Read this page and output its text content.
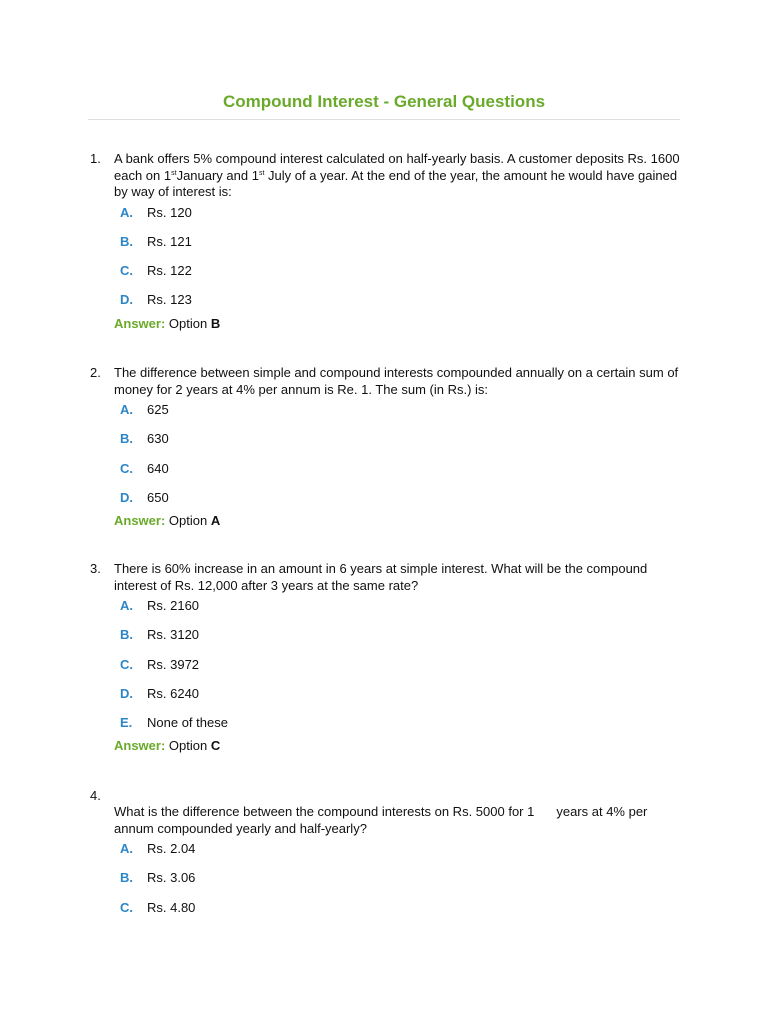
Compound Interest - General Questions
1. A bank offers 5% compound interest calculated on half-yearly basis. A customer deposits Rs. 1600 each on 1stJanuary and 1st July of a year. At the end of the year, the amount he would have gained by way of interest is:
A. Rs. 120
B. Rs. 121
C. Rs. 122
D. Rs. 123
Answer: Option B
2. The difference between simple and compound interests compounded annually on a certain sum of money for 2 years at 4% per annum is Re. 1. The sum (in Rs.) is:
A. 625
B. 630
C. 640
D. 650
Answer: Option A
3. There is 60% increase in an amount in 6 years at simple interest. What will be the compound interest of Rs. 12,000 after 3 years at the same rate?
A. Rs. 2160
B. Rs. 3120
C. Rs. 3972
D. Rs. 6240
E. None of these
Answer: Option C
4.
What is the difference between the compound interests on Rs. 5000 for 1 years at 4% per annum compounded yearly and half-yearly?
A. Rs. 2.04
B. Rs. 3.06
C. Rs. 4.80
